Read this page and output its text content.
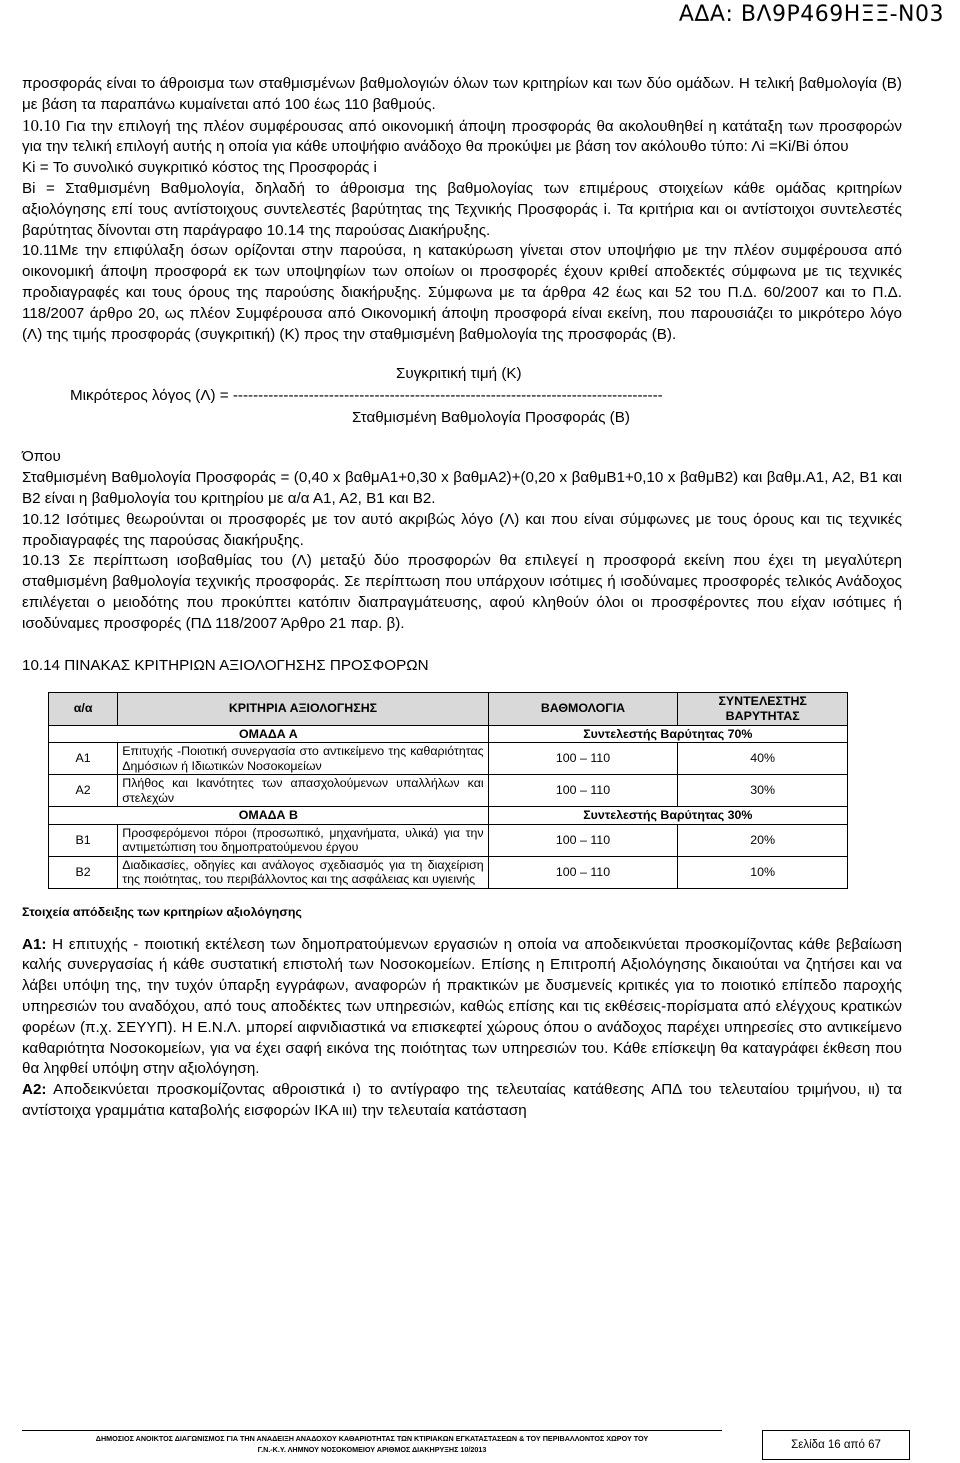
ΑΔΑ: ΒΛ9Ρ469ΗΞΞ-Ν03

προσφοράς είναι το άθροισμα των σταθμισμένων βαθμολογιών όλων των κριτηρίων και των δύο ομάδων. Η τελική βαθμολογία (Β) με βάση τα παραπάνω κυμαίνεται από 100 έως 110 βαθμούς.

10.10 Για την επιλογή της πλέον συμφέρουσας από οικονομική άποψη προσφοράς θα ακολουθηθεί η κατάταξη των προσφορών για την τελική επιλογή αυτής η οποία για κάθε υποψήφιο ανάδοχο θα προκύψει με βάση τον ακόλουθο τύπο: Λi =Κi/Βi όπου

Κi = Το συνολικό συγκριτικό κόστος της Προσφοράς i

Βi = Σταθμισμένη Βαθμολογία, δηλαδή το άθροισμα της βαθμολογίας των επιμέρους στοιχείων κάθε ομάδας κριτηρίων αξιολόγησης επί τους αντίστοιχους συντελεστές βαρύτητας της Τεχνικής Προσφοράς i. Τα κριτήρια και οι αντίστοιχοι συντελεστές βαρύτητας δίνονται στη παράγραφο 10.14 της παρούσας Διακήρυξης.

10.11Με την επιφύλαξη όσων ορίζονται στην παρούσα, η κατακύρωση γίνεται στον υποψήφιο με την πλέον συμφέρουσα από οικονομική άποψη προσφορά εκ των υποψηφίων των οποίων οι προσφορές έχουν κριθεί αποδεκτές σύμφωνα με τις τεχνικές προδιαγραφές και τους όρους της παρούσης διακήρυξης. Σύμφωνα με τα άρθρα 42 έως και 52 του Π.Δ. 60/2007 και το Π.Δ. 118/2007 άρθρο 20, ως πλέον Συμφέρουσα από Οικονομική άποψη προσφορά είναι εκείνη, που παρουσιάζει το μικρότερο λόγο (Λ) της τιμής προσφοράς (συγκριτική) (Κ) προς την σταθμισμένη βαθμολογία της προσφοράς (Β).

Συγκριτική τιμή (Κ)
Μικρότερος λόγος (Λ) = -------------------------------------------------------------------------------------
Σταθμισμένη Βαθμολογία Προσφοράς (Β)

Όπου

Σταθμισμένη Βαθμολογία Προσφοράς = (0,40 x βαθμΑ1+0,30 x βαθμΑ2)+(0,20 x βαθμΒ1+0,10 x βαθμΒ2) και βαθμ.Α1, Α2, Β1 και Β2 είναι η βαθμολογία του κριτηρίου με α/α Α1, Α2, Β1 και Β2.

10.12 Ισότιμες θεωρούνται οι προσφορές με τον αυτό ακριβώς λόγο (Λ) και που είναι σύμφωνες με τους όρους και τις τεχνικές προδιαγραφές της παρούσας διακήρυξης.

10.13 Σε περίπτωση ισοβαθμίας του (Λ) μεταξύ δύο προσφορών θα επιλεγεί η προσφορά εκείνη που έχει τη μεγαλύτερη σταθμισμένη βαθμολογία τεχνικής προσφοράς. Σε περίπτωση που υπάρχουν ισότιμες ή ισοδύναμες προσφορές τελικός Ανάδοχος επιλέγεται ο μειοδότης που προκύπτει κατόπιν διαπραγμάτευσης, αφού κληθούν όλοι οι προσφέροντες που είχαν ισότιμες ή ισοδύναμες προσφορές (ΠΔ 118/2007 Άρθρο 21 παρ. β).

10.14 ΠΙΝΑΚΑΣ ΚΡΙΤΗΡΙΩΝ ΑΞΙΟΛΟΓΗΣΗΣ ΠΡΟΣΦΟΡΩΝ
α/α	ΚΡΙΤΗΡΙΑ ΑΞΙΟΛΟΓΗΣΗΣ	ΒΑΘΜΟΛΟΓΙΑ	ΣΥΝΤΕΛΕΣΤΗΣ ΒΑΡΥΤΗΤΑΣ
ΟΜΑΔΑ Α		Συντελεστής Βαρύτητας 70%	
Α1	Επιτυχής -Ποιοτική συνεργασία στο αντικείμενο της καθαριότητας Δημόσιων ή Ιδιωτικών Νοσοκομείων	100 – 110	40%
Α2	Πλήθος και Ικανότητες των απασχολούμενων υπαλλήλων και στελεχών	100 – 110	30%
ΟΜΑΔΑ Β		Συντελεστής Βαρύτητας 30%	
Β1	Προσφερόμενοι πόροι (προσωπικό, μηχανήματα, υλικά) για την αντιμετώπιση του δημοπρατούμενου έργου	100 – 110	20%
Β2	Διαδικασίες, οδηγίες και ανάλογος σχεδιασμός για τη διαχείριση της ποιότητας, του περιβάλλοντος και της ασφάλειας και υγιεινής	100 – 110	10%
Στοιχεία απόδειξης των κριτηρίων αξιολόγησης

Α1: Η επιτυχής - ποιοτική εκτέλεση των δημοπρατούμενων εργασιών η οποία να αποδεικνύεται προσκομίζοντας κάθε βεβαίωση καλής συνεργασίας ή κάθε συστατική επιστολή των Νοσοκομείων. Επίσης η Επιτροπή Αξιολόγησης δικαιούται να ζητήσει και να λάβει υπόψη της, την τυχόν ύπαρξη εγγράφων, αναφορών ή πρακτικών με δυσμενείς κριτικές για το ποιοτικό επίπεδο παροχής υπηρεσιών του αναδόχου, από τους αποδέκτες των υπηρεσιών, καθώς επίσης και τις εκθέσεις-πορίσματα από ελέγχους κρατικών φορέων (π.χ. ΣΕΥΥΠ). Η Ε.Ν.Λ. μπορεί αιφνιδιαστικά να επισκεφτεί χώρους όπου ο ανάδοχος παρέχει υπηρεσίες στο αντικείμενο καθαριότητα Νοσοκομείων, για να έχει σαφή εικόνα της ποιότητας των υπηρεσιών του. Κάθε επίσκεψη θα καταγράφει έκθεση που θα ληφθεί υπόψη στην αξιολόγηση.

Α2: Αποδεικνύεται προσκομίζοντας αθροιστικά ι) το αντίγραφο της τελευταίας κατάθεσης ΑΠΔ του τελευταίου τριμήνου, ιι) τα αντίστοιχα γραμμάτια καταβολής εισφορών ΙΚΑ ιιι) την τελευταία κατάσταση

ΔΗΜΟΣΙΟΣ ΑΝΟΙΚΤΟΣ ΔΙΑΓΩΝΙΣΜΟΣ ΓΙΑ ΤΗΝ ΑΝΑΔΕΙΞΗ ΑΝΑΔΟΧΟΥ ΚΑΘΑΡΙΟΤΗΤΑΣ ΤΩΝ ΚΤΙΡΙΑΚΩΝ ΕΓΚΑΤΑΣΤΑΣΕΩΝ & ΤΟΥ ΠΕΡΙΒΑΛΛΟΝΤΟΣ ΧΩΡΟΥ ΤΟΥ
Γ.Ν.-Κ.Υ. ΛΗΜΝΟΥ ΝΟΣΟΚΟΜΕΙΟΥ ΑΡΙΘΜΟΣ ΔΙΑΚΗΡΥΞΗΣ 10/2013	Σελίδα 16 από 67
